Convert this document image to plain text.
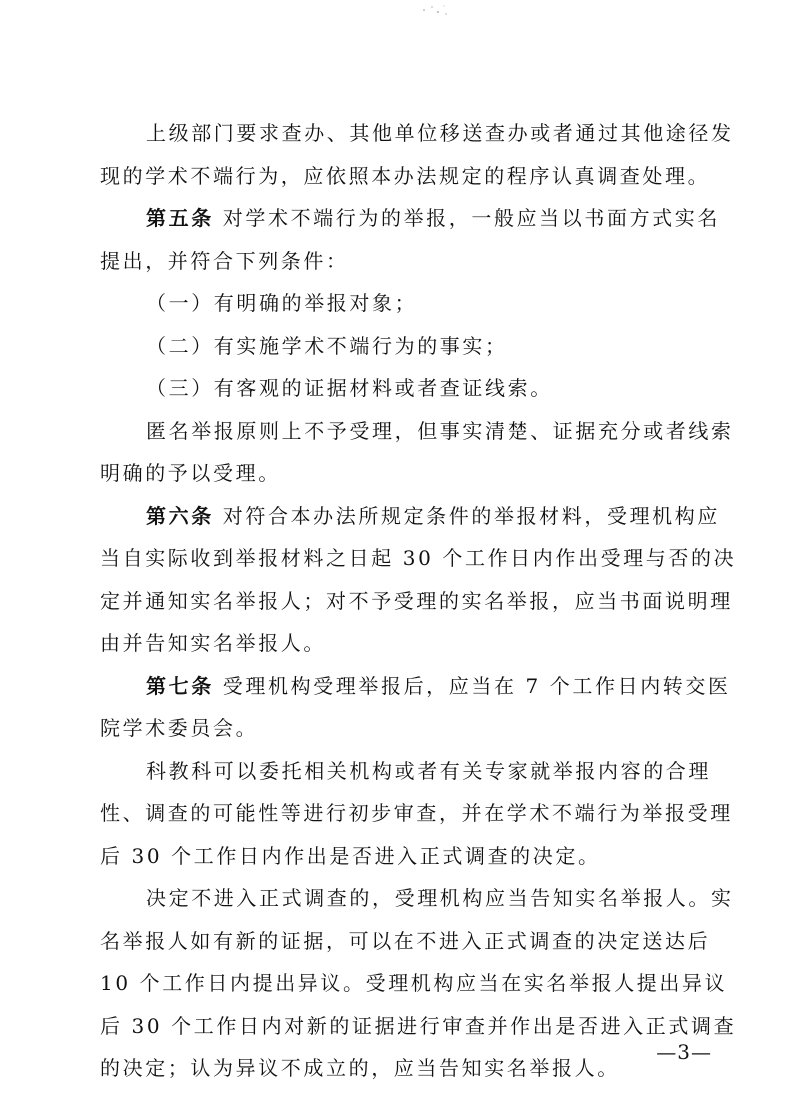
上级部门要求查办、其他单位移送查办或者通过其他途径发
现的学术不端行为，应依照本办法规定的程序认真调查处理。
第五条 对学术不端行为的举报，一般应当以书面方式实名
提出，并符合下列条件：
（一）有明确的举报对象；
（二）有实施学术不端行为的事实；
（三）有客观的证据材料或者查证线索。
匿名举报原则上不予受理，但事实清楚、证据充分或者线索
明确的予以受理。
第六条 对符合本办法所规定条件的举报材料，受理机构应
当自实际收到举报材料之日起 30 个工作日内作出受理与否的决
定并通知实名举报人；对不予受理的实名举报，应当书面说明理
由并告知实名举报人。
第七条 受理机构受理举报后，应当在 7 个工作日内转交医
院学术委员会。
科教科可以委托相关机构或者有关专家就举报内容的合理
性、调查的可能性等进行初步审查，并在学术不端行为举报受理
后 30 个工作日内作出是否进入正式调查的决定。
决定不进入正式调查的，受理机构应当告知实名举报人。实
名举报人如有新的证据，可以在不进入正式调查的决定送达后
10 个工作日内提出异议。受理机构应当在实名举报人提出异议
后 30 个工作日内对新的证据进行审查并作出是否进入正式调查
的决定；认为异议不成立的，应当告知实名举报人。
—3—
